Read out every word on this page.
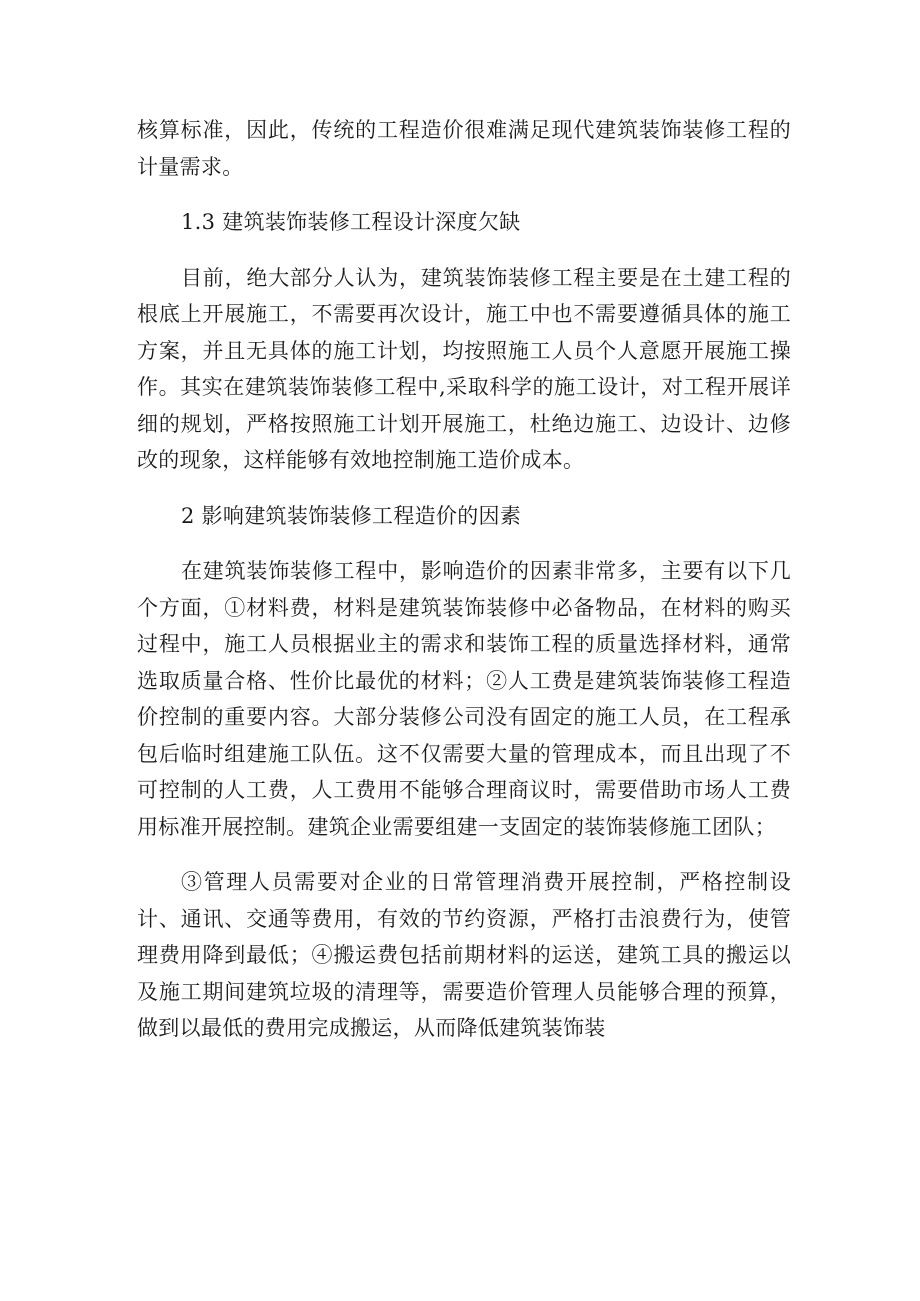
核算标准，因此，传统的工程造价很难满足现代建筑装饰装修工程的计量需求。

1.3 建筑装饰装修工程设计深度欠缺

目前，绝大部分人认为，建筑装饰装修工程主要是在土建工程的根底上开展施工，不需要再次设计，施工中也不需要遵循具体的施工方案，并且无具体的施工计划，均按照施工人员个人意愿开展施工操作。其实在建筑装饰装修工程中,采取科学的施工设计，对工程开展详细的规划，严格按照施工计划开展施工，杜绝边施工、边设计、边修改的现象，这样能够有效地控制施工造价成本。

2 影响建筑装饰装修工程造价的因素

在建筑装饰装修工程中，影响造价的因素非常多，主要有以下几个方面，①材料费，材料是建筑装饰装修中必备物品，在材料的购买过程中，施工人员根据业主的需求和装饰工程的质量选择材料，通常选取质量合格、性价比最优的材料；②人工费是建筑装饰装修工程造价控制的重要内容。大部分装修公司没有固定的施工人员，在工程承包后临时组建施工队伍。这不仅需要大量的管理成本，而且出现了不可控制的人工费，人工费用不能够合理商议时，需要借助市场人工费用标准开展控制。建筑企业需要组建一支固定的装饰装修施工团队；

③管理人员需要对企业的日常管理消费开展控制，严格控制设计、通讯、交通等费用，有效的节约资源，严格打击浪费行为，使管理费用降到最低；④搬运费包括前期材料的运送，建筑工具的搬运以及施工期间建筑垃圾的清理等，需要造价管理人员能够合理的预算，做到以最低的费用完成搬运，从而降低建筑装饰装
